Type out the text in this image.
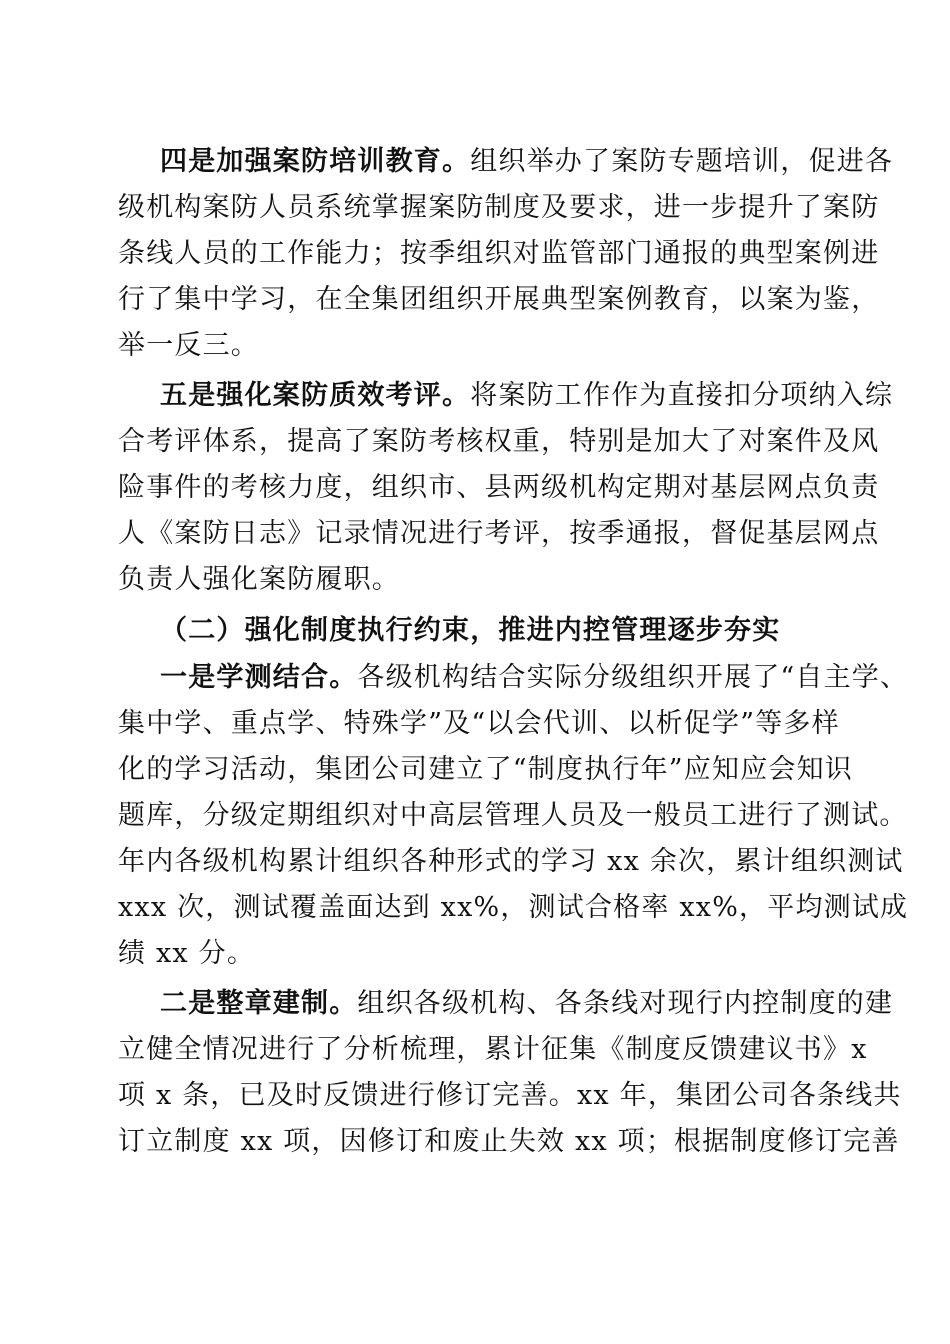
四是加强案防培训教育。组织举办了案防专题培训，促进各
级机构案防人员系统掌握案防制度及要求，进一步提升了案防
条线人员的工作能力；按季组织对监管部门通报的典型案例进
行了集中学习，在全集团组织开展典型案例教育，以案为鉴，
举一反三。
五是强化案防质效考评。将案防工作作为直接扣分项纳入综
合考评体系，提高了案防考核权重，特别是加大了对案件及风
险事件的考核力度，组织市、县两级机构定期对基层网点负责
人《案防日志》记录情况进行考评，按季通报，督促基层网点
负责人强化案防履职。
（二）强化制度执行约束，推进内控管理逐步夯实
一是学测结合。各级机构结合实际分级组织开展了“自主学、
集中学、重点学、特殊学”及“以会代训、以析促学”等多样
化的学习活动，集团公司建立了“制度执行年”应知应会知识
题库，分级定期组织对中高层管理人员及一般员工进行了测试。
年内各级机构累计组织各种形式的学习 xx 余次，累计组织测试
xxx 次，测试覆盖面达到 xx%，测试合格率 xx%，平均测试成
绩 xx 分。
二是整章建制。组织各级机构、各条线对现行内控制度的建
立健全情况进行了分析梳理，累计征集《制度反馈建议书》x
项 x 条，已及时反馈进行修订完善。xx 年，集团公司各条线共
订立制度 xx 项，因修订和废止失效 xx 项；根据制度修订完善
